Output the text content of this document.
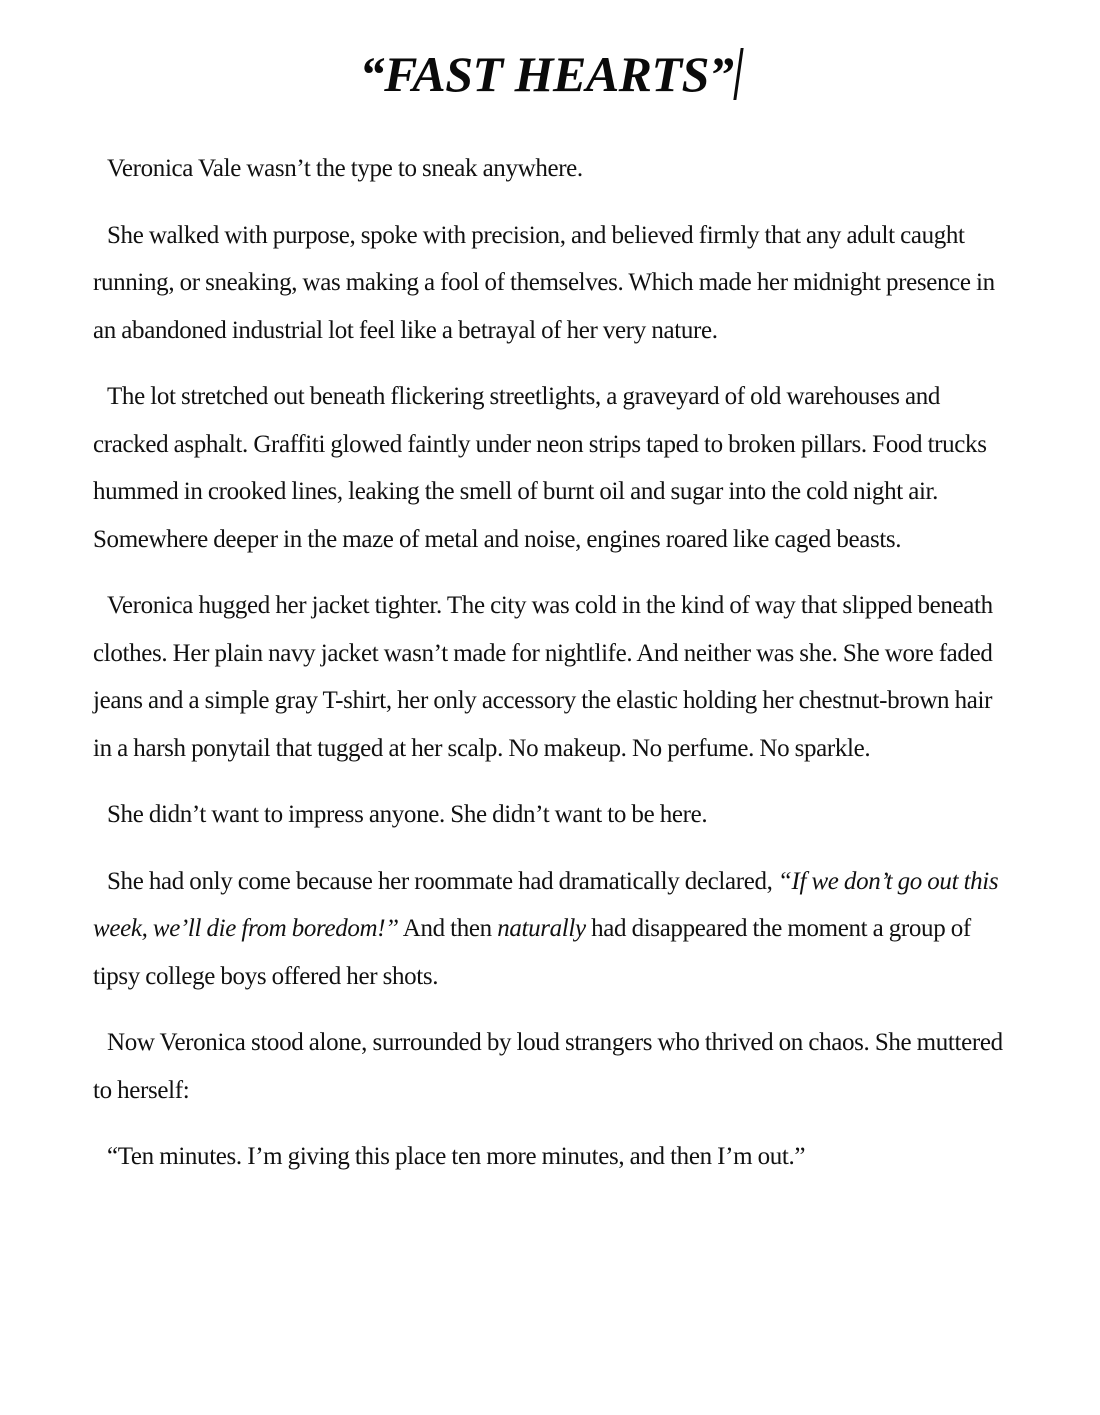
“FAST HEARTS”

Veronica Vale wasn’t the type to sneak anywhere.

She walked with purpose, spoke with precision, and believed firmly that any adult caught running, or sneaking, was making a fool of themselves. Which made her midnight presence in an abandoned industrial lot feel like a betrayal of her very nature.

The lot stretched out beneath flickering streetlights, a graveyard of old warehouses and cracked asphalt. Graffiti glowed faintly under neon strips taped to broken pillars. Food trucks hummed in crooked lines, leaking the smell of burnt oil and sugar into the cold night air. Somewhere deeper in the maze of metal and noise, engines roared like caged beasts.

Veronica hugged her jacket tighter. The city was cold in the kind of way that slipped beneath clothes. Her plain navy jacket wasn’t made for nightlife. And neither was she. She wore faded jeans and a simple gray T-shirt, her only accessory the elastic holding her chestnut-brown hair in a harsh ponytail that tugged at her scalp. No makeup. No perfume. No sparkle.

She didn’t want to impress anyone. She didn’t want to be here.

She had only come because her roommate had dramatically declared, “If we don’t go out this week, we’ll die from boredom!” And then naturally had disappeared the moment a group of tipsy college boys offered her shots.

Now Veronica stood alone, surrounded by loud strangers who thrived on chaos. She muttered to herself:

“Ten minutes. I’m giving this place ten more minutes, and then I’m out.”
